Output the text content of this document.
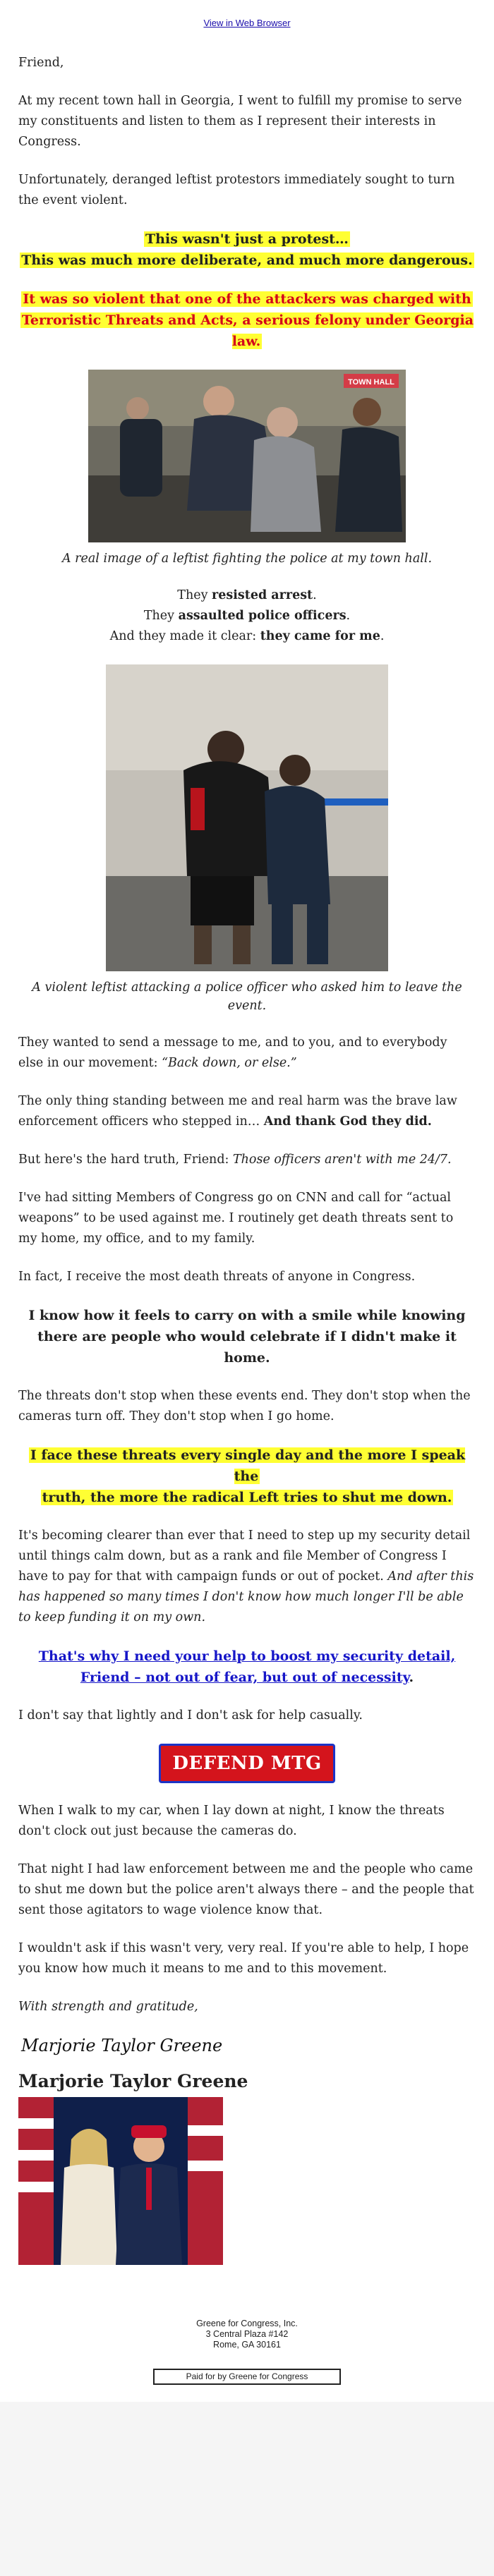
View in Web Browser

Friend,

At my recent town hall in Georgia, I went to fulfill my promise to serve my constituents and listen to them as I represent their interests in Congress.

Unfortunately, deranged leftist protestors immediately sought to turn the event violent.

This wasn't just a protest…
This was much more deliberate, and much more dangerous.
It was so violent that one of the attackers was charged with
Terroristic Threats and Acts, a serious felony under Georgia law.
TOWN HALL
A real image of a leftist fighting the police at my town hall.

They resisted arrest.
They assaulted police officers.
And they made it clear: they came for me.

A violent leftist attacking a police officer who asked him to leave the event.

They wanted to send a message to me, and to you, and to everybody else in our movement: “Back down, or else.”

The only thing standing between me and real harm was the brave law enforcement officers who stepped in… And thank God they did.

But here's the hard truth, Friend: Those officers aren't with me 24/7.

I've had sitting Members of Congress go on CNN and call for “actual weapons” to be used against me. I routinely get death threats sent to my home, my office, and to my family.

In fact, I receive the most death threats of anyone in Congress.

I know how it feels to carry on with a smile while knowing there are people who would celebrate if I didn't make it home.

The threats don't stop when these events end. They don't stop when the cameras turn off. They don't stop when I go home.

I face these threats every single day and the more I speak the
truth, the more the radical Left tries to shut me down.

It's becoming clearer than ever that I need to step up my security detail until things calm down, but as a rank and file Member of Congress I have to pay for that with campaign funds or out of pocket. And after this has happened so many times I don't know how much longer I'll be able to keep funding it on my own.

That's why I need your help to boost my security detail, Friend – not out of fear, but out of necessity.

I don't say that lightly and I don't ask for help casually.

DEFEND MTG

When I walk to my car, when I lay down at night, I know the threats don't clock out just because the cameras do.

That night I had law enforcement between me and the people who came to shut me down but the police aren't always there – and the people that sent those agitators to wage violence know that.

I wouldn't ask if this wasn't very, very real. If you're able to help, I hope you know how much it means to me and to this movement.

With strength and gratitude,

Marjorie Taylor Greene
Marjorie Taylor Greene
Greene for Congress, Inc.
3 Central Plaza #142
Rome, GA 30161
Paid for by Greene for Congress
